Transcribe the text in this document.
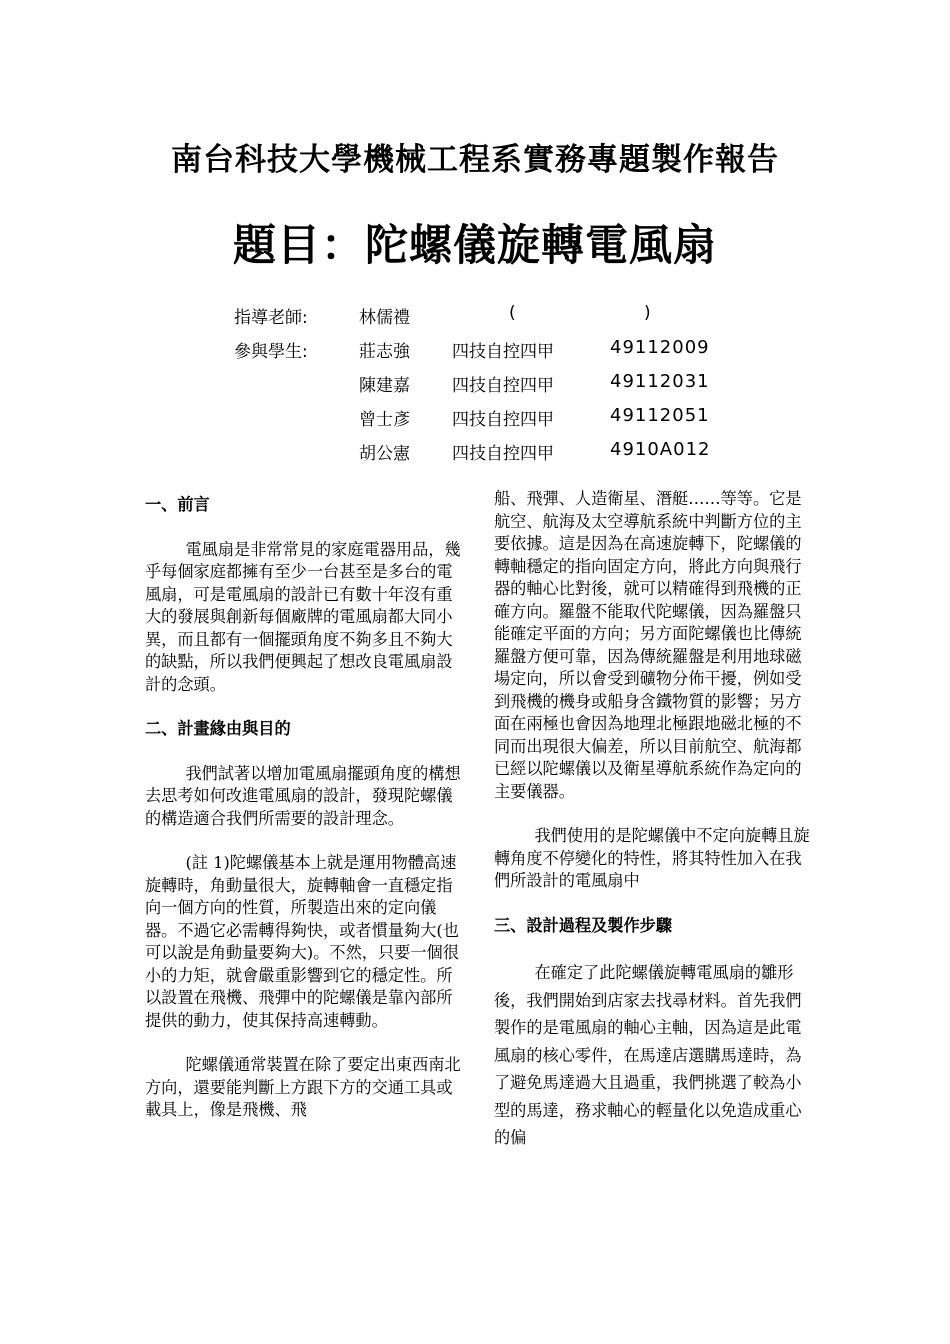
南台科技大學機械工程系實務專題製作報告
題目：陀螺儀旋轉電風扇
指導老師:	林儒禮	(	)
參與學生:	莊志強 四技自控四甲	49112009
陳建嘉 四技自控四甲	49112031
曾士彥 四技自控四甲	49112051
胡公憲 四技自控四甲	4910A012

一、前言

電風扇是非常常見的家庭電器用品，幾乎每個家庭都擁有至少一台甚至是多台的電風扇，可是電風扇的設計已有數十年沒有重大的發展與創新每個廠牌的電風扇都大同小異，而且都有一個擺頭角度不夠多且不夠大的缺點，所以我們便興起了想改良電風扇設計的念頭。

二、計畫緣由與目的

我們試著以增加電風扇擺頭角度的構想去思考如何改進電風扇的設計，發現陀螺儀的構造適合我們所需要的設計理念。

(註 1)陀螺儀基本上就是運用物體高速旋轉時，角動量很大，旋轉軸會一直穩定指向一個方向的性質，所製造出來的定向儀器。不過它必需轉得夠快，或者慣量夠大(也可以說是角動量要夠大)。不然，只要一個很小的力矩，就會嚴重影響到它的穩定性。所以設置在飛機、飛彈中的陀螺儀是靠內部所提供的動力，使其保持高速轉動。

陀螺儀通常裝置在除了要定出東西南北方向，還要能判斷上方跟下方的交通工具或載具上，像是飛機、飛

船、飛彈、人造衛星、潛艇……等等。它是航空、航海及太空導航系統中判斷方位的主要依據。這是因為在高速旋轉下，陀螺儀的轉軸穩定的指向固定方向，將此方向與飛行器的軸心比對後，就可以精確得到飛機的正確方向。羅盤不能取代陀螺儀，因為羅盤只能確定平面的方向；另方面陀螺儀也比傳統羅盤方便可靠，因為傳統羅盤是利用地球磁場定向，所以會受到礦物分佈干擾，例如受到飛機的機身或船身含鐵物質的影響；另方面在兩極也會因為地理北極跟地磁北極的不同而出現很大偏差，所以目前航空、航海都已經以陀螺儀以及衛星導航系統作為定向的主要儀器。

我們使用的是陀螺儀中不定向旋轉且旋轉角度不停變化的特性，將其特性加入在我們所設計的電風扇中

三、設計過程及製作步驟

在確定了此陀螺儀旋轉電風扇的雛形後，我們開始到店家去找尋材料。首先我們製作的是電風扇的軸心主軸，因為這是此電風扇的核心零件，在馬達店選購馬達時，為了避免馬達過大且過重，我們挑選了較為小型的馬達，務求軸心的輕量化以免造成重心的偏
